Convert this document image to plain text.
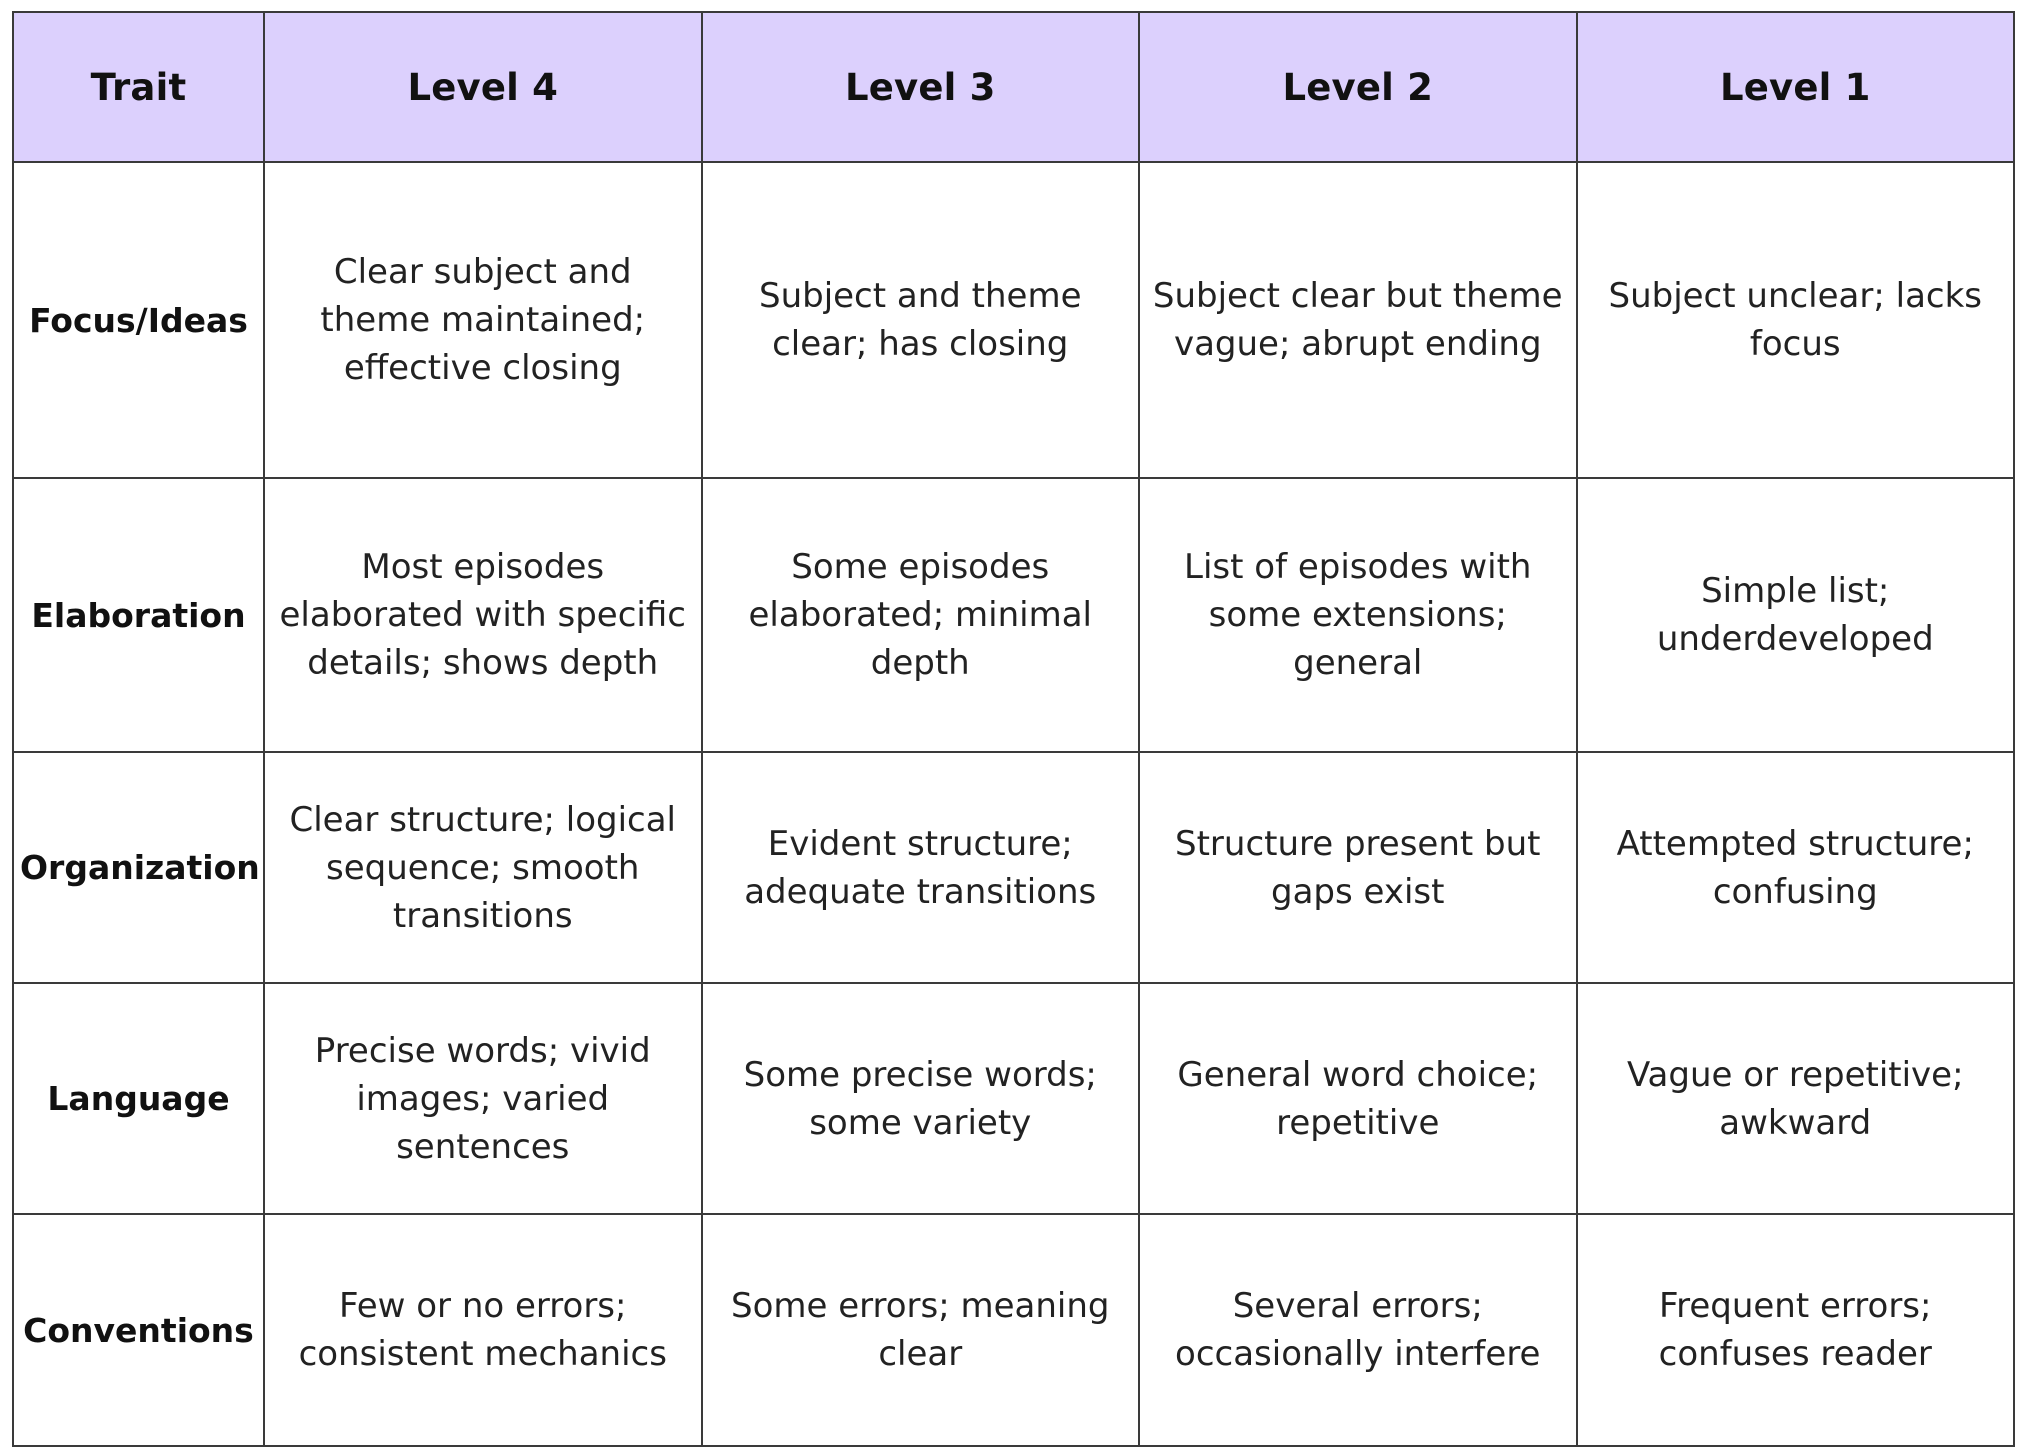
Trait	Level 4	Level 3	Level 2	Level 1
Focus/Ideas	Clear subject and theme maintained; effective closing	Subject and theme clear; has closing	Subject clear but theme vague; abrupt ending	Subject unclear; lacks focus
Elaboration	Most episodes elaborated with specific details; shows depth	Some episodes elaborated; minimal depth	List of episodes with some extensions; general	Simple list; underdeveloped
Organization	Clear structure; logical sequence; smooth transitions	Evident structure; adequate transitions	Structure present but gaps exist	Attempted structure; confusing
Language	Precise words; vivid images; varied sentences	Some precise words; some variety	General word choice; repetitive	Vague or repetitive; awkward
Conventions	Few or no errors; consistent mechanics	Some errors; meaning clear	Several errors; occasionally interfere	Frequent errors; confuses reader
